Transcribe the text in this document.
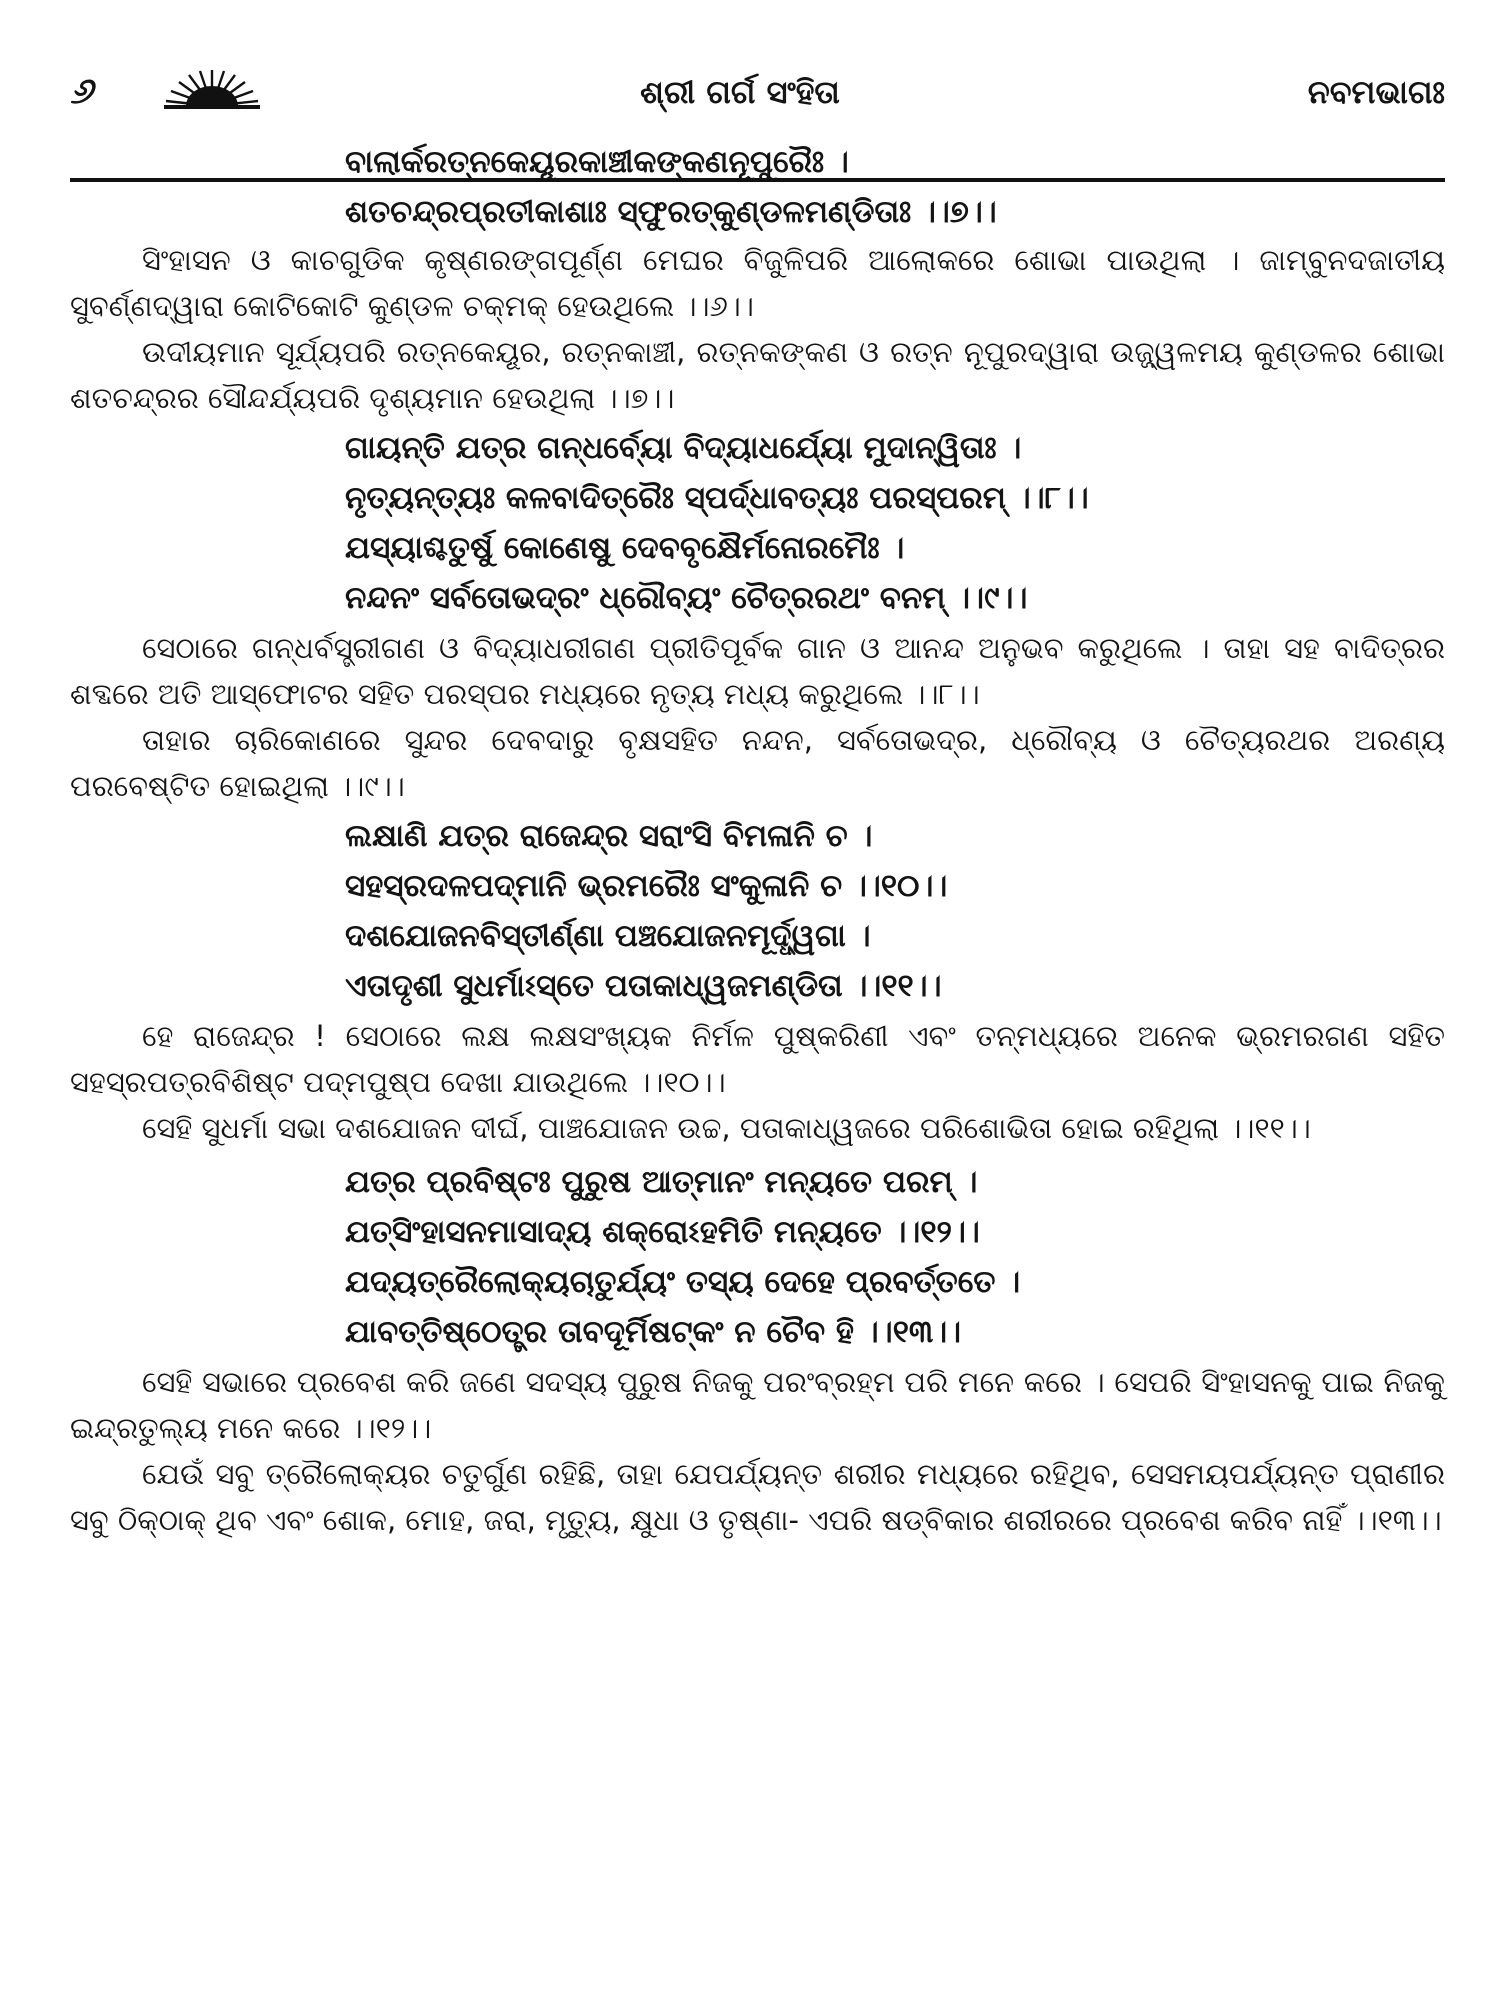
୬	ଶ୍ରୀ ଗର୍ଗ ସଂହିତା	ନବମଭାଗଃ

ବାଲାର୍କରତ୍ନକେୟୂରକାଞ୍ଚୀକଙ୍କଣନୂପୁରୈଃ ।

ଶତଚନ୍ଦ୍ରପ୍ରତୀକାଶାଃ ସ୍ଫୁରତ୍‌କୁଣ୍ଡଳମଣ୍ଡିତାଃ ।।୭।।

ସିଂହାସନ ଓ କାଚଗୁଡିକ କୃଷ୍ଣରଙ୍ଗପୂର୍ଣ୍ଣ ମେଘର ବିଜୁଳିପରି ଆଲୋକରେ ଶୋଭା ପାଉଥିଲା । ଜାମ୍ବୁନଦଜାତୀୟ ସୁବର୍ଣ୍ଣଦ୍ୱାରା କୋଟିକୋଟି କୁଣ୍ଡଳ ଚକ୍‌ମକ୍ ହେଉଥିଲେ ।।୬।।

ଉଦୀୟମାନ ସୂର୍ଯ୍ୟପରି ରତ୍ନକେୟୂର, ରତ୍ନକାଞ୍ଚୀ, ରତ୍ନକଙ୍କଣ ଓ ରତ୍ନ ନୂପୁରଦ୍ୱାରା ଉଜ୍ଜ୍ୱଳମୟ କୁଣ୍ଡଳର ଶୋଭା ଶତଚନ୍ଦ୍ରର ସୌନ୍ଦର୍ଯ୍ୟପରି ଦୃଶ୍ୟମାନ ହେଉଥିଲା ।।୭।।

ଗାୟନ୍ତି ଯତ୍ର ଗନ୍ଧର୍ବ୍ୟୋ ବିଦ୍ୟାଧର୍ଯ୍ୟୋ ମୁଦାନ୍ୱିତାଃ ।

ନୃତ୍ୟନ୍ତ୍ୟଃ କଳବାଦିତ୍ରୈଃ ସ୍ପର୍ଦ୍ଧାବତ୍ୟଃ ପରସ୍ପରମ୍ ।।୮।।

ଯସ୍ୟାଶ୍ଚତୁର୍ଷୁ କୋଣେଷୁ ଦେବବୃକ୍ଷୈର୍ମନୋରମୈଃ ।

ନନ୍ଦନଂ ସର୍ବତୋଭଦ୍ରଂ ଧ୍ରୌବ୍ୟଂ ଚୈତ୍ରରଥଂ ବନମ୍ ।।୯।।

ସେଠାରେ ଗନ୍ଧର୍ବସ୍ତ୍ରୀଗଣ ଓ ବିଦ୍ୟାଧରୀଗଣ ପ୍ରୀତିପୂର୍ବକ ଗାନ ଓ ଆନନ୍ଦ ଅନୁଭବ କରୁଥିଲେ । ତାହା ସହ ବାଦିତ୍ରର ଶବ୍ଦରେ ଅତି ଆସ୍ଫୋଟର ସହିତ ପରସ୍ପର ମଧ୍ୟରେ ନୃତ୍ୟ ମଧ୍ୟ କରୁଥିଲେ ।।୮।।

ତାହାର ଚାରିକୋଣରେ ସୁନ୍ଦର ଦେବଦାରୁ ବୃକ୍ଷସହିତ ନନ୍ଦନ, ସର୍ବତୋଭଦ୍ର, ଧ୍ରୌବ୍ୟ ଓ ଚୈତ୍ୟରଥର ଅରଣ୍ୟ ପରବେଷ୍ଟିତ ହୋଇଥିଲା ।।୯।।

ଲକ୍ଷାଣି ଯତ୍ର ରାଜେନ୍ଦ୍ର ସରାଂସି ବିମଳାନି ଚ ।

ସହସ୍ରଦଳପଦ୍ମାନି ଭ୍ରମରୈଃ ସଂକୁଳାନି ଚ ।।୧୦।।

ଦଶଯୋଜନବିସ୍ତୀର୍ଣ୍ଣା ପଞ୍ଚଯୋଜନମୂର୍ଦ୍ଧ୍ୱଗା ।

ଏତାଦୃଶୀ ସୁଧର୍ମାଽସ୍ତେ ପତାକାଧ୍ୱଜମଣ୍ଡିତା ।।୧୧।।

ହେ ରାଜେନ୍ଦ୍ର ! ସେଠାରେ ଲକ୍ଷ ଲକ୍ଷସଂଖ୍ୟକ ନିର୍ମଳ ପୁଷ୍କରିଣୀ ଏବଂ ତନ୍ମଧ୍ୟରେ ଅନେକ ଭ୍ରମରଗଣ ସହିତ ସହସ୍ରପତ୍ରବିଶିଷ୍ଟ ପଦ୍ମପୁଷ୍ପ ଦେଖା ଯାଉଥିଲେ ।।୧୦।।

ସେହି ସୁଧର୍ମା ସଭା ଦଶଯୋଜନ ଦୀର୍ଘ, ପାଞ୍ଚଯୋଜନ ଉଚ୍ଚ, ପତାକାଧ୍ୱଜରେ ପରିଶୋଭିତା ହୋଇ ରହିଥିଲା ।।୧୧।।

ଯତ୍ର ପ୍ରବିଷ୍ଟଃ ପୁରୁଷ ଆତ୍ମାନଂ ମନ୍ୟତେ ପରମ୍ ।

ଯତ୍‌ସିଂହାସନମାସାଦ୍ୟ ଶକ୍ରୋଽହମିତି ମନ୍ୟତେ ।।୧୨।।

ଯଦ୍ୟତ୍ରୈଲୋକ୍ୟଚାତୁର୍ଯ୍ୟଂ ତସ୍ୟ ଦେହେ ପ୍ରବର୍ତ୍ତତେ ।

ଯାବତ୍ତିଷ୍ଠେତ୍ତ୍ର ତାବଦୂର୍ମିଷଟ୍‌କଂ ନ ଚୈବ ହି ।।୧୩।।

ସେହି ସଭାରେ ପ୍ରବେଶ କରି ଜଣେ ସଦସ୍ୟ ପୁରୁଷ ନିଜକୁ ପରଂବ୍ରହ୍ମ ପରି ମନେ କରେ । ସେପରି ସିଂହାସନକୁ ପାଇ ନିଜକୁ ଇନ୍ଦ୍ରତୁଲ୍ୟ ମନେ କରେ ।।୧୨।।

ଯେଉଁ ସବୁ ତ୍ରୈଲୋକ୍ୟର ଚତୁର୍ଗୁଣ ରହିଛି, ତାହା ଯେପର୍ଯ୍ୟନ୍ତ ଶରୀର ମଧ୍ୟରେ ରହିଥିବ, ସେସମୟପର୍ଯ୍ୟନ୍ତ ପ୍ରାଣୀର ସବୁ ଠିକ୍‌ଠାକ୍ ଥିବ ଏବଂ ଶୋକ, ମୋହ, ଜରା, ମୃତ୍ୟୁ, କ୍ଷୁଧା ଓ ତୃଷ୍ଣା- ଏପରି ଷଡ୍‌ବିକାର ଶରୀରରେ ପ୍ରବେଶ କରିବ ନାହିଁ ।।୧୩।।
